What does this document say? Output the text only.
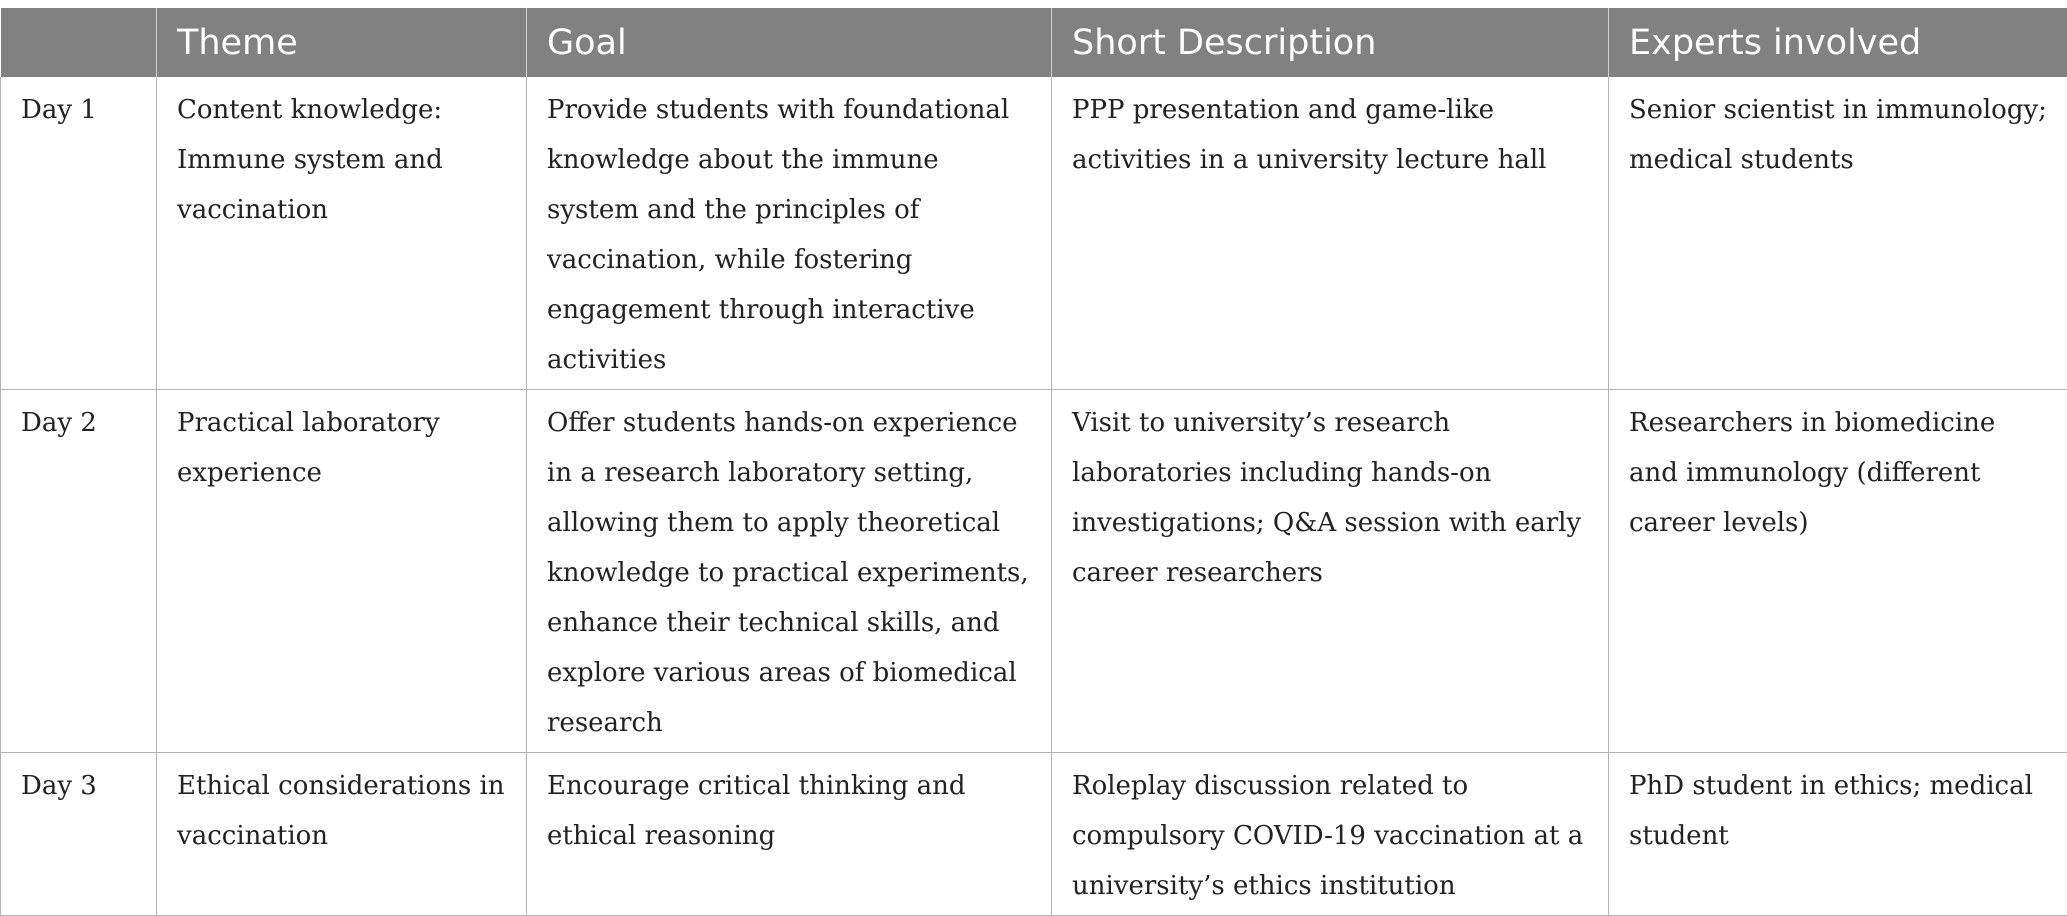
	Theme	Goal	Short Description	Experts involved
Day 1	Content knowledge: Immune system and vaccination	Provide students with foundational knowledge about the immune system and the principles of vaccination, while fostering engagement through interactive activities	PPP presentation and game-like activities in a university lecture hall	Senior scientist in immunology; medical students
Day 2	Practical laboratory experience	Offer students hands-on experience in a research laboratory setting, allowing them to apply theoretical knowledge to practical experiments, enhance their technical skills, and explore various areas of biomedical research	Visit to university’s research laboratories including hands-on investigations; Q&A session with early career researchers	Researchers in biomedicine and immunology (different career levels)
Day 3	Ethical considerations in vaccination	Encourage critical thinking and ethical reasoning	Roleplay discussion related to compulsory COVID-19 vaccination at a university’s ethics institution	PhD student in ethics; medical student
